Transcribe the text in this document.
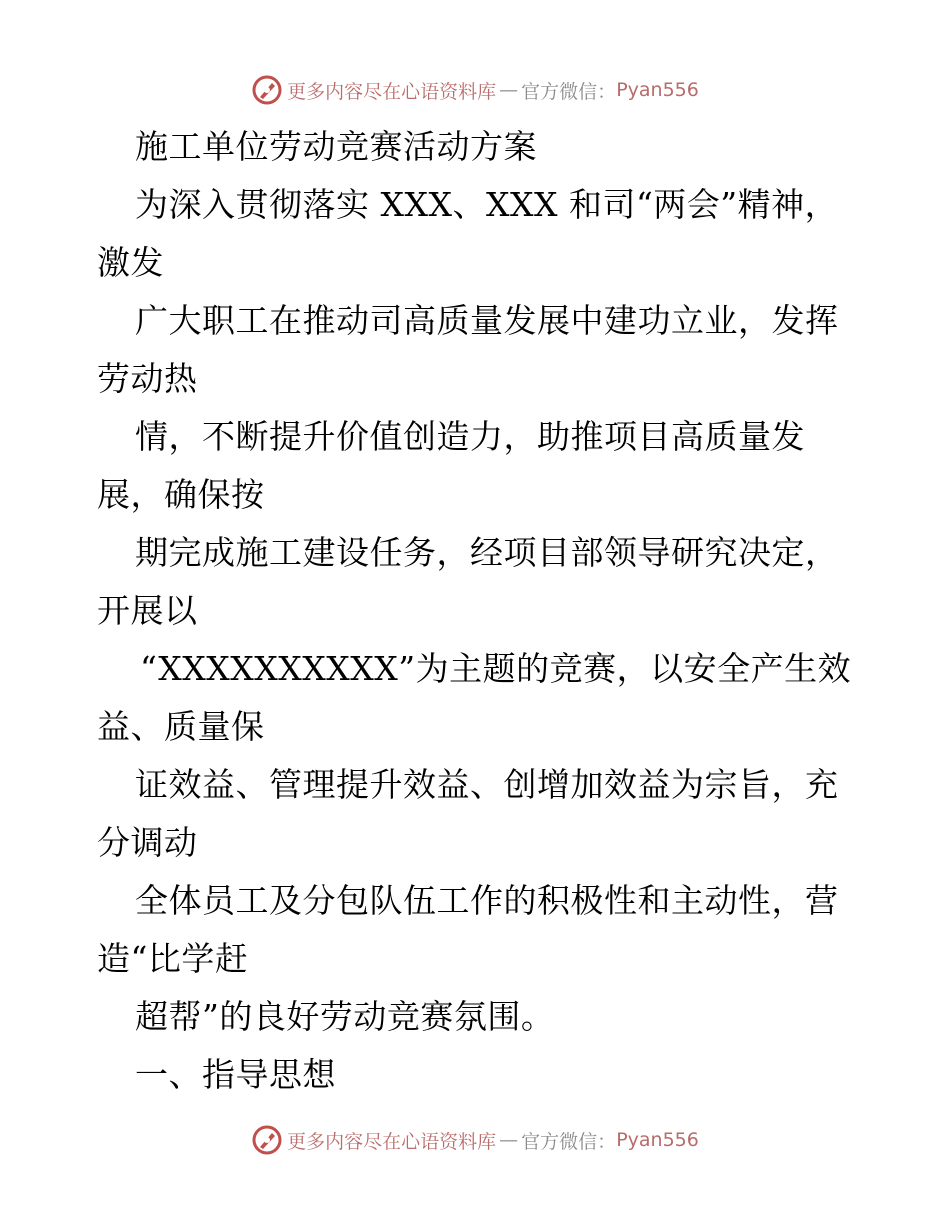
更多内容尽在心语资料库 — 官方微信： Pyan556
施工单位劳动竞赛活动方案
为深入贯彻落实 XXX、XXX 和司“两会”精神，
激发
广大职工在推动司高质量发展中建功立业，发挥
劳动热
情，不断提升价值创造力，助推项目高质量发
展，确保按
期完成施工建设任务，经项目部领导研究决定，
开展以
“XXXXXXXXXX”为主题的竞赛，以安全产生效
益、质量保
证效益、管理提升效益、创增加效益为宗旨，充
分调动
全体员工及分包队伍工作的积极性和主动性，营
造“比学赶
超帮”的良好劳动竞赛氛围。
一、指导思想
更多内容尽在心语资料库 — 官方微信： Pyan556
